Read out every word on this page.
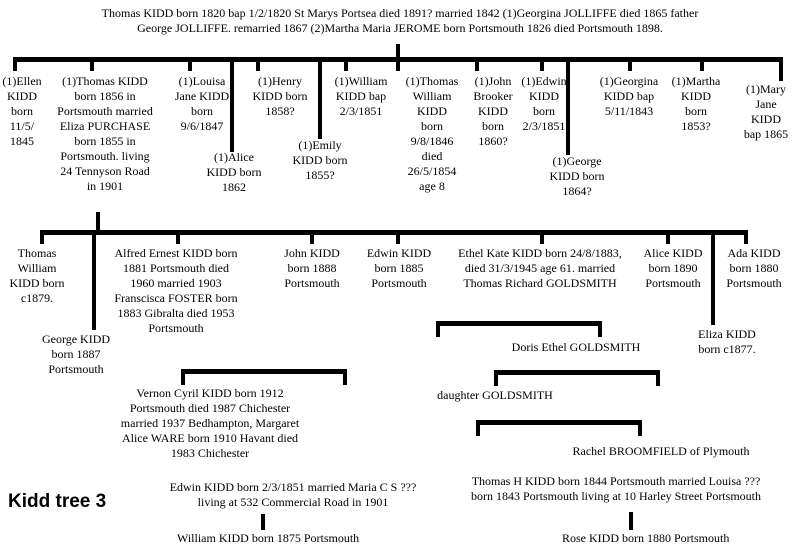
Thomas KIDD born 1820 bap 1/2/1820 St Marys Portsea died 1891? married 1842 (1)Georgina JOLLIFFE died 1865 father
George JOLLIFFE. remarried 1867 (2)Martha Maria JEROME born Portsmouth 1826 died Portsmouth 1898.
(1)Ellen
KIDD
born
11/5/
1845
(1)Thomas KIDD
born 1856 in
Portsmouth married
Eliza PURCHASE
born 1855 in
Portsmouth. living
24 Tennyson Road
in 1901
(1)Louisa
Jane KIDD
born
9/6/1847
(1)Alice
KIDD born
1862
(1)Henry
KIDD born
1858?
(1)Emily
KIDD born
1855?
(1)William
KIDD bap
2/3/1851
(1)Thomas
William
KIDD
born
9/8/1846
died
26/5/1854
age 8
(1)John
Brooker
KIDD
born
1860?
(1)Edwin
KIDD
born
2/3/1851
(1)George
KIDD born
1864?
(1)Georgina
KIDD bap
5/11/1843
(1)Martha
KIDD
born
1853?
(1)Mary
Jane
KIDD
bap 1865
Thomas
William
KIDD born
c1879.
George KIDD
born 1887
Portsmouth
Alfred Ernest KIDD born
1881 Portsmouth died
1960 married 1903
Franscisca FOSTER born
1883 Gibralta died 1953
Portsmouth
John KIDD
born 1888
Portsmouth
Edwin KIDD
born 1885
Portsmouth
Ethel Kate KIDD born 24/8/1883,
died 31/3/1945 age 61. married
Thomas Richard GOLDSMITH
Alice KIDD
born 1890
Portsmouth
Ada KIDD
born 1880
Portsmouth
Eliza KIDD
born c1877.
Vernon Cyril KIDD born 1912
Portsmouth died 1987 Chichester
married 1937 Bedhampton, Margaret
Alice WARE born 1910 Havant died
1983 Chichester
Doris Ethel GOLDSMITH
daughter GOLDSMITH
Rachel BROOMFIELD of Plymouth
Edwin KIDD born 2/3/1851 married Maria C S ???
living at 532 Commercial Road in 1901
William KIDD born 1875 Portsmouth
Thomas H KIDD born 1844 Portsmouth married Louisa ???
born 1843 Portsmouth living at 10 Harley Street Portsmouth
Rose KIDD born 1880 Portsmouth
Kidd tree 3
